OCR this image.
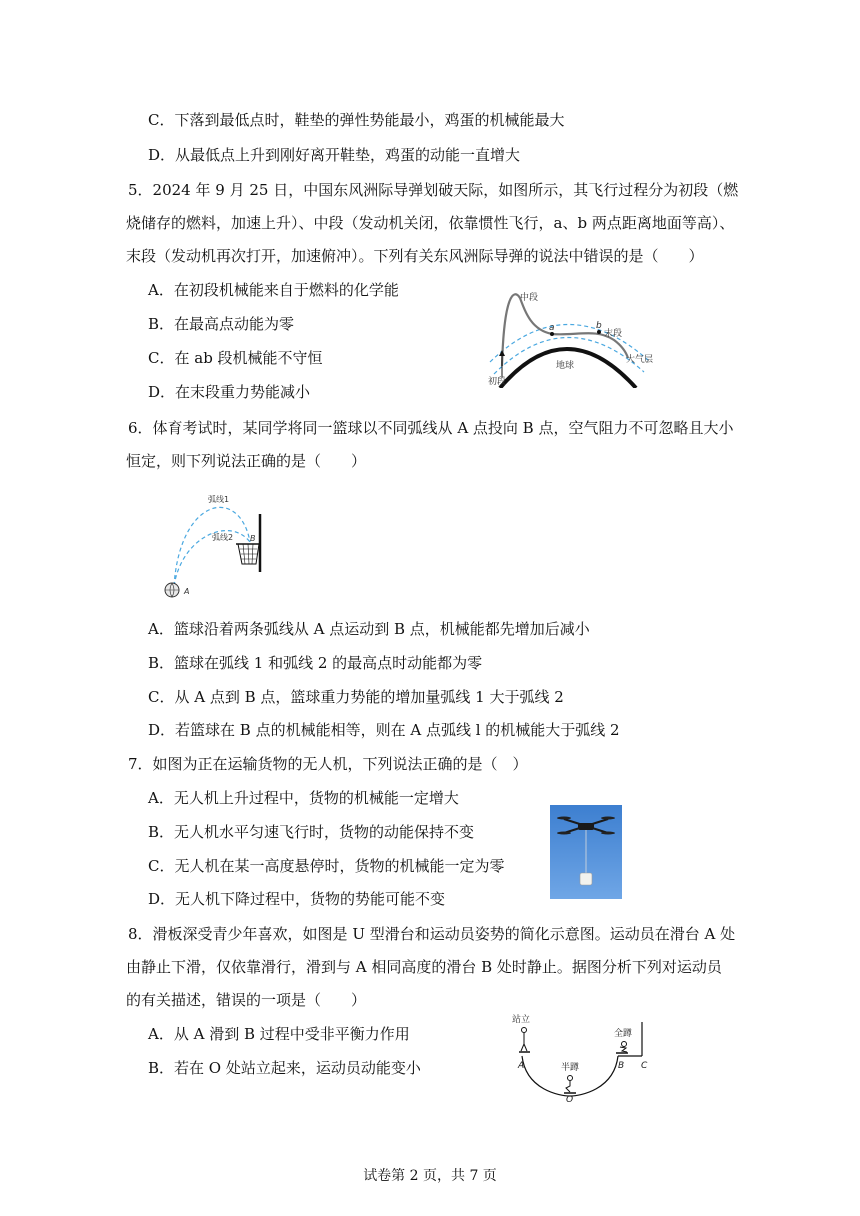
C．下落到最低点时，鞋垫的弹性势能最小，鸡蛋的机械能最大
D．从最低点上升到刚好离开鞋垫，鸡蛋的动能一直增大
5．2024 年 9 月 25 日，中国东风洲际导弹划破天际，如图所示，其飞行过程分为初段（燃
烧储存的燃料，加速上升）、中段（发动机关闭，依靠惯性飞行，a、b 两点距离地面等高）、
末段（发动机再次打开，加速俯冲）。下列有关东风洲际导弹的说法中错误的是（　　）
A．在初段机械能来自于燃料的化学能
B．在最高点动能为零
C．在 ab 段机械能不守恒
D．在末段重力势能减小
中段
a	b
末段
大气层
地球
初段
6．体育考试时，某同学将同一篮球以不同弧线从 A 点投向 B 点，空气阻力不可忽略且大小
恒定，则下列说法正确的是（　　）
弧线1
弧线2 B
A
A．篮球沿着两条弧线从 A 点运动到 B 点，机械能都先增加后减小
B．篮球在弧线 1 和弧线 2 的最高点时动能都为零
C．从 A 点到 B 点，篮球重力势能的增加量弧线 1 大于弧线 2
D．若篮球在 B 点的机械能相等，则在 A 点弧线 l 的机械能大于弧线 2
7．如图为正在运输货物的无人机，下列说法正确的是（　）
A．无人机上升过程中，货物的机械能一定增大
B．无人机水平匀速飞行时，货物的动能保持不变
C．无人机在某一高度悬停时，货物的机械能一定为零
D．无人机下降过程中，货物的势能可能不变
8．滑板深受青少年喜欢，如图是 U 型滑台和运动员姿势的简化示意图。运动员在滑台 A 处
由静止下滑，仅依靠滑行，滑到与 A 相同高度的滑台 B 处时静止。据图分析下列对运动员
的有关描述，错误的一项是（　　）
A．从 A 滑到 B 过程中受非平衡力作用
B．若在 O 处站立起来，运动员动能变小
站立
半蹲
全蹲
A	B C
O
试卷第 2 页，共 7 页
